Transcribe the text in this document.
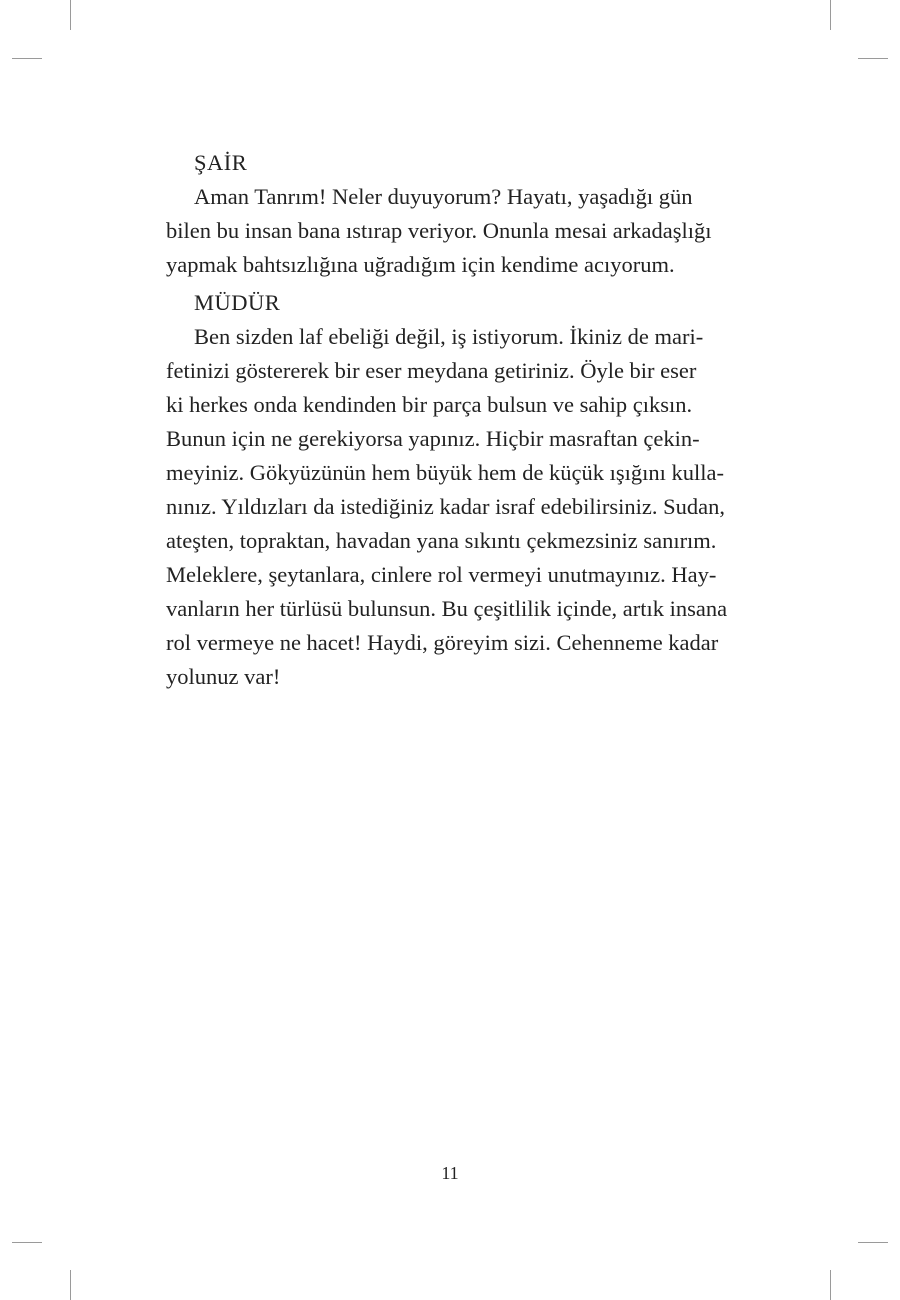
ŞAİR

Aman Tanrım! Neler duyuyorum? Hayatı, yaşadığı gün
bilen bu insan bana ıstırap veriyor. Onunla mesai arkadaşlığı
yapmak bahtsızlığına uğradığım için kendime acıyorum.

MÜDÜR

Ben sizden laf ebeliği değil, iş istiyorum. İkiniz de mari-
fetinizi göstererek bir eser meydana getiriniz. Öyle bir eser
ki herkes onda kendinden bir parça bulsun ve sahip çıksın.
Bunun için ne gerekiyorsa yapınız. Hiçbir masraftan çekin-
meyiniz. Gökyüzünün hem büyük hem de küçük ışığını kulla-
nınız. Yıldızları da istediğiniz kadar israf edebilirsiniz. Sudan,
ateşten, topraktan, havadan yana sıkıntı çekmezsiniz sanırım.
Meleklere, şeytanlara, cinlere rol vermeyi unutmayınız. Hay-
vanların her türlüsü bulunsun. Bu çeşitlilik içinde, artık insana
rol vermeye ne hacet! Haydi, göreyim sizi. Cehenneme kadar
yolunuz var!

11
